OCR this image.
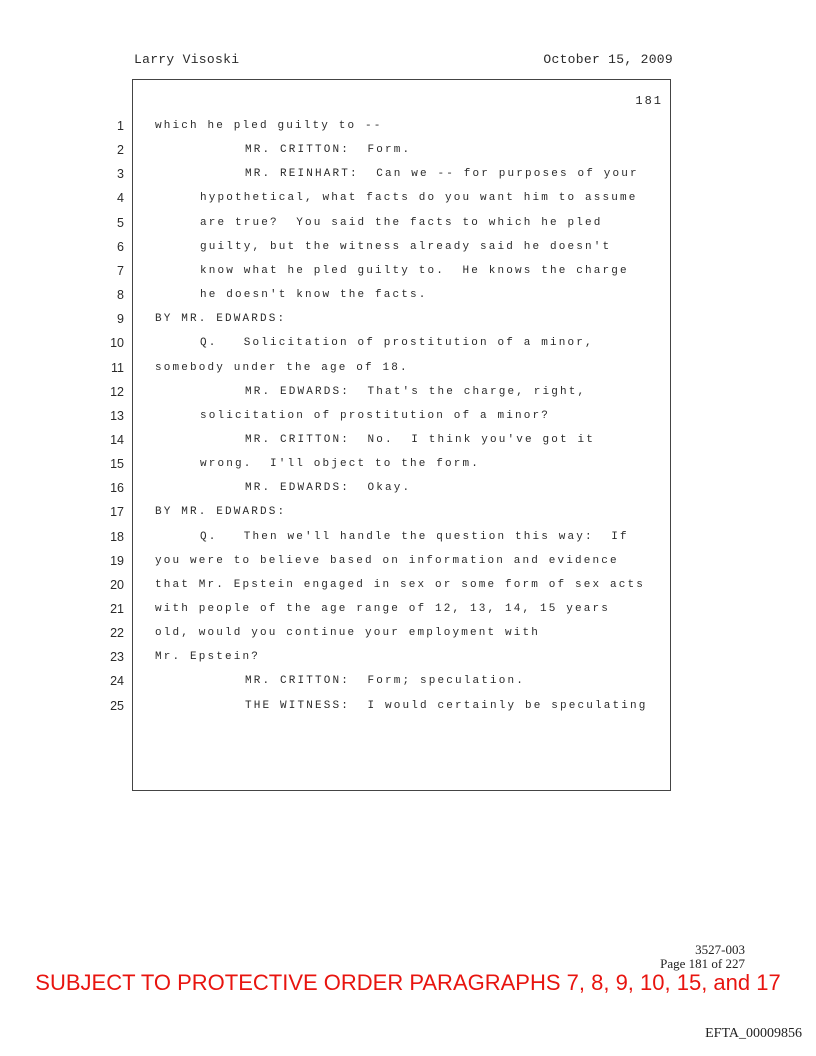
Larry Visoski	October 15, 2009
181
1	which he pled guilty to --
2	MR. CRITTON:  Form.
3	MR. REINHART:  Can we -- for purposes of your
4	hypothetical, what facts do you want him to assume
5	are true?  You said the facts to which he pled
6	guilty, but the witness already said he doesn't
7	know what he pled guilty to.  He knows the charge
8	he doesn't know the facts.
9	BY MR. EDWARDS:
10	Q.   Solicitation of prostitution of a minor,
11	somebody under the age of 18.
12	MR. EDWARDS:  That's the charge, right,
13	solicitation of prostitution of a minor?
14	MR. CRITTON:  No.  I think you've got it
15	wrong.  I'll object to the form.
16	MR. EDWARDS:  Okay.
17	BY MR. EDWARDS:
18	Q.   Then we'll handle the question this way:  If
19	you were to believe based on information and evidence
20	that Mr. Epstein engaged in sex or some form of sex acts
21	with people of the age range of 12, 13, 14, 15 years
22	old, would you continue your employment with
23	Mr. Epstein?
24	MR. CRITTON:  Form; speculation.
25	THE WITNESS:  I would certainly be speculating
3527-003
Page 181 of 227
SUBJECT TO PROTECTIVE ORDER PARAGRAPHS 7, 8, 9, 10, 15, and 17
EFTA_00009856
